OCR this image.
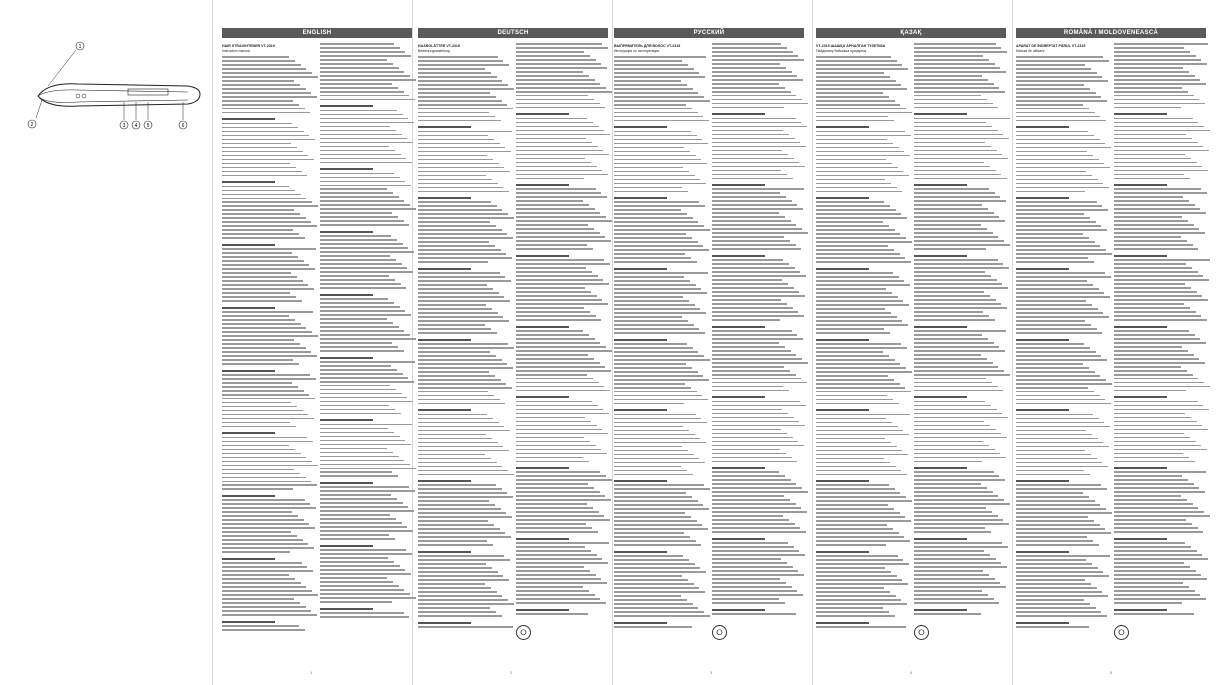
1
2	3 4 5	6
ENGLISH	DEUTSCH	РУССКИЙ	ҚАЗАҚ	ROMÂNĂ / MOLDOVENEASCĂ
HAIR STRAIGHTENER VT-2319
Instruction manual
HAARGLÄTTER VT-2319
Bedienungsanleitung
⭘
ВЫПРЯМИТЕЛЬ ДЛЯ ВОЛОС VT-2319
Инструкция по эксплуатации
⭘
VT-2319 ШАШҚА АРНАЛҒАН ТҮЗЕТКІШ
Пайдалану бойынша нұсқаулық
⭘
APARAT DE ÎNDREPTAT PĂRUL VT-2319
Manual de utilizare
⭘
1	2	3	4	5
